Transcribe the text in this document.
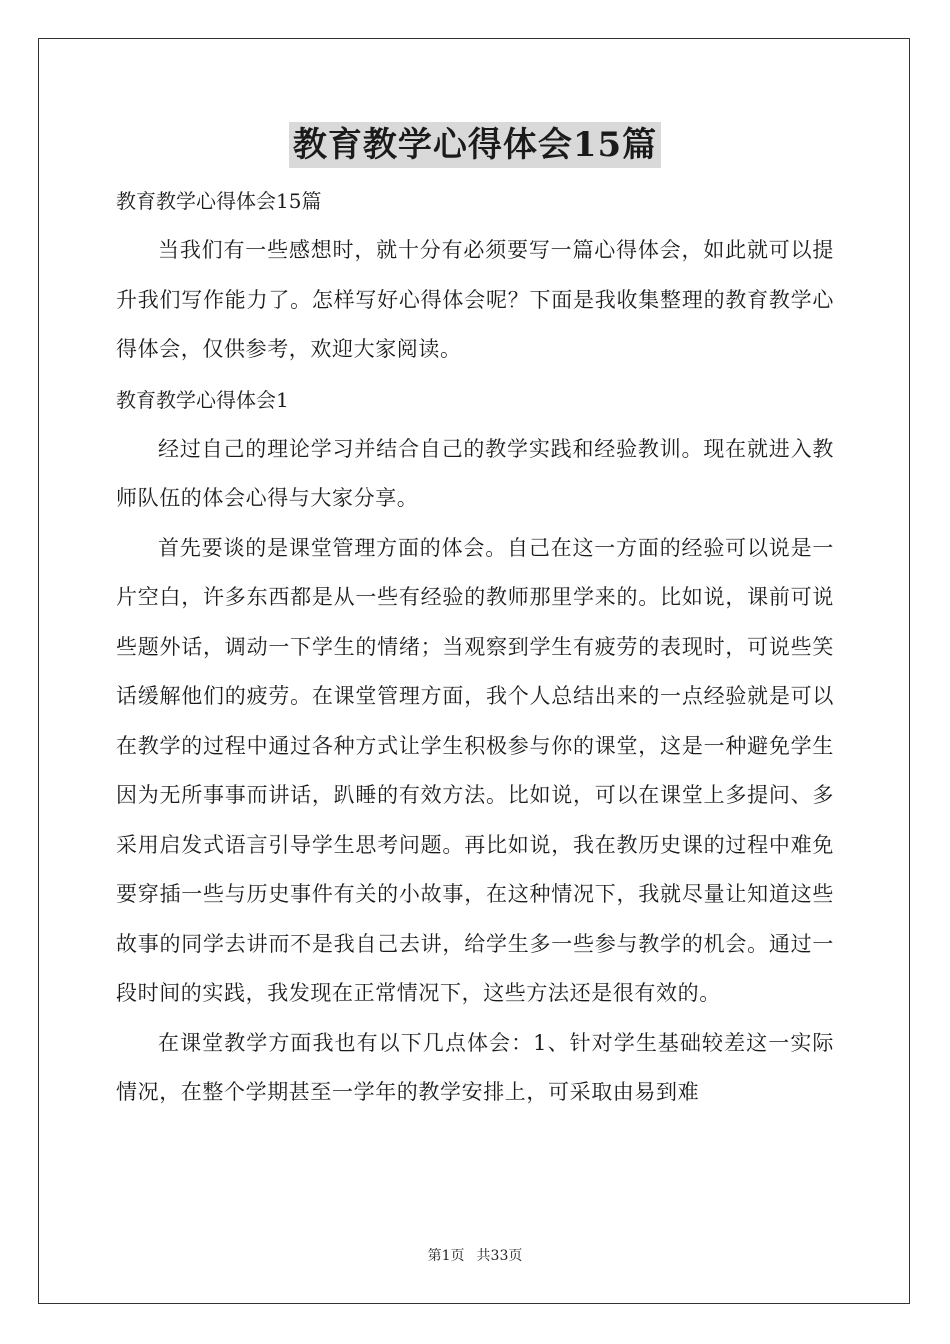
教育教学心得体会15篇

教育教学心得体会15篇

当我们有一些感想时，就十分有必须要写一篇心得体会，如此就可以提升我们写作能力了。怎样写好心得体会呢？下面是我收集整理的教育教学心得体会，仅供参考，欢迎大家阅读。

教育教学心得体会1

经过自己的理论学习并结合自己的教学实践和经验教训。现在就进入教师队伍的体会心得与大家分享。

首先要谈的是课堂管理方面的体会。自己在这一方面的经验可以说是一片空白，许多东西都是从一些有经验的教师那里学来的。比如说，课前可说些题外话，调动一下学生的情绪；当观察到学生有疲劳的表现时，可说些笑话缓解他们的疲劳。在课堂管理方面，我个人总结出来的一点经验就是可以在教学的过程中通过各种方式让学生积极参与你的课堂，这是一种避免学生因为无所事事而讲话，趴睡的有效方法。比如说，可以在课堂上多提问、多采用启发式语言引导学生思考问题。再比如说，我在教历史课的过程中难免要穿插一些与历史事件有关的小故事，在这种情况下，我就尽量让知道这些故事的同学去讲而不是我自己去讲，给学生多一些参与教学的机会。通过一段时间的实践，我发现在正常情况下，这些方法还是很有效的。

在课堂教学方面我也有以下几点体会：1、针对学生基础较差这一实际情况，在整个学期甚至一学年的教学安排上，可采取由易到难

第1页 共33页
